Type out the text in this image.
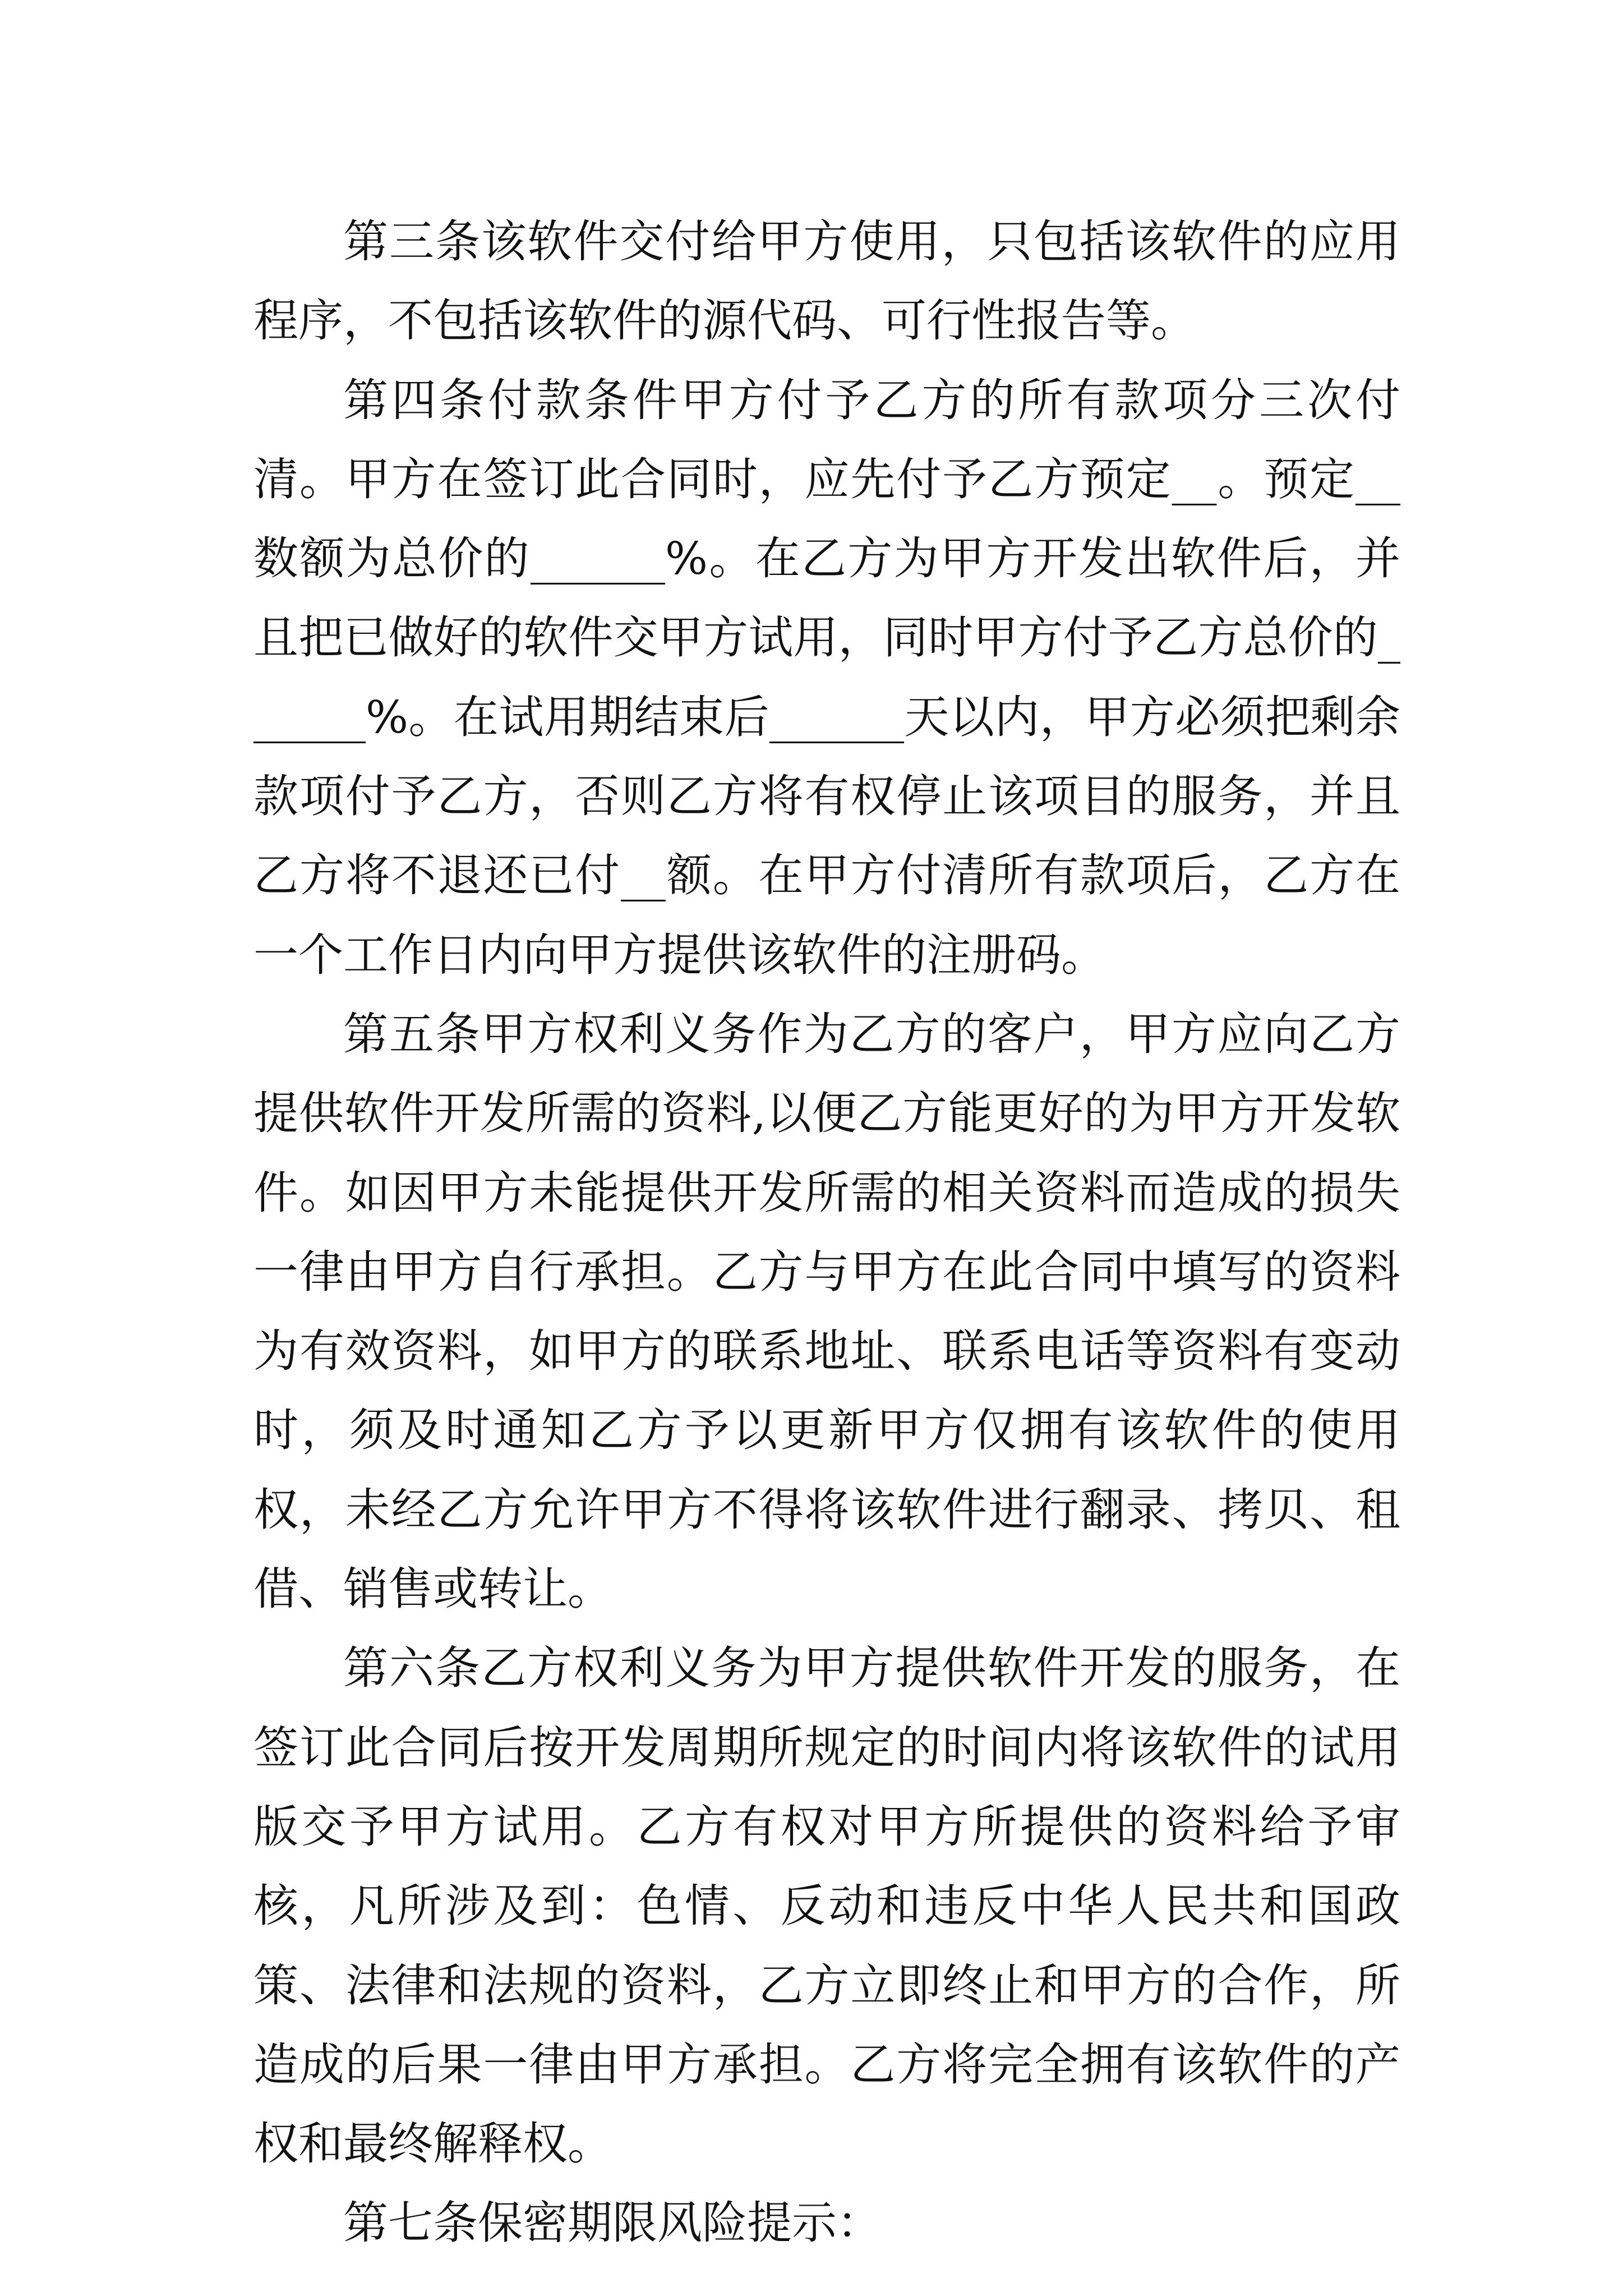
第三条该软件交付给甲方使用，只包括该软件的应用程序，不包括该软件的源代码、可行性报告等。

第四条付款条件甲方付予乙方的所有款项分三次付清。甲方在签订此合同时，应先付予乙方预定__。预定__数额为总价的______%。在乙方为甲方开发出软件后，并且把已做好的软件交甲方试用，同时甲方付予乙方总价的______%。在试用期结束后______天以内，甲方必须把剩余款项付予乙方，否则乙方将有权停止该项目的服务，并且乙方将不退还已付__额。在甲方付清所有款项后，乙方在一个工作日内向甲方提供该软件的注册码。

第五条甲方权利义务作为乙方的客户，甲方应向乙方提供软件开发所需的资料,以便乙方能更好的为甲方开发软件。如因甲方未能提供开发所需的相关资料而造成的损失一律由甲方自行承担。乙方与甲方在此合同中填写的资料为有效资料，如甲方的联系地址、联系电话等资料有变动时，须及时通知乙方予以更新甲方仅拥有该软件的使用权，未经乙方允许甲方不得将该软件进行翻录、拷贝、租借、销售或转让。

第六条乙方权利义务为甲方提供软件开发的服务，在签订此合同后按开发周期所规定的时间内将该软件的试用版交予甲方试用。乙方有权对甲方所提供的资料给予审核，凡所涉及到：色情、反动和违反中华人民共和国政策、法律和法规的资料，乙方立即终止和甲方的合作，所造成的后果一律由甲方承担。乙方将完全拥有该软件的产权和最终解释权。

第七条保密期限风险提示：
